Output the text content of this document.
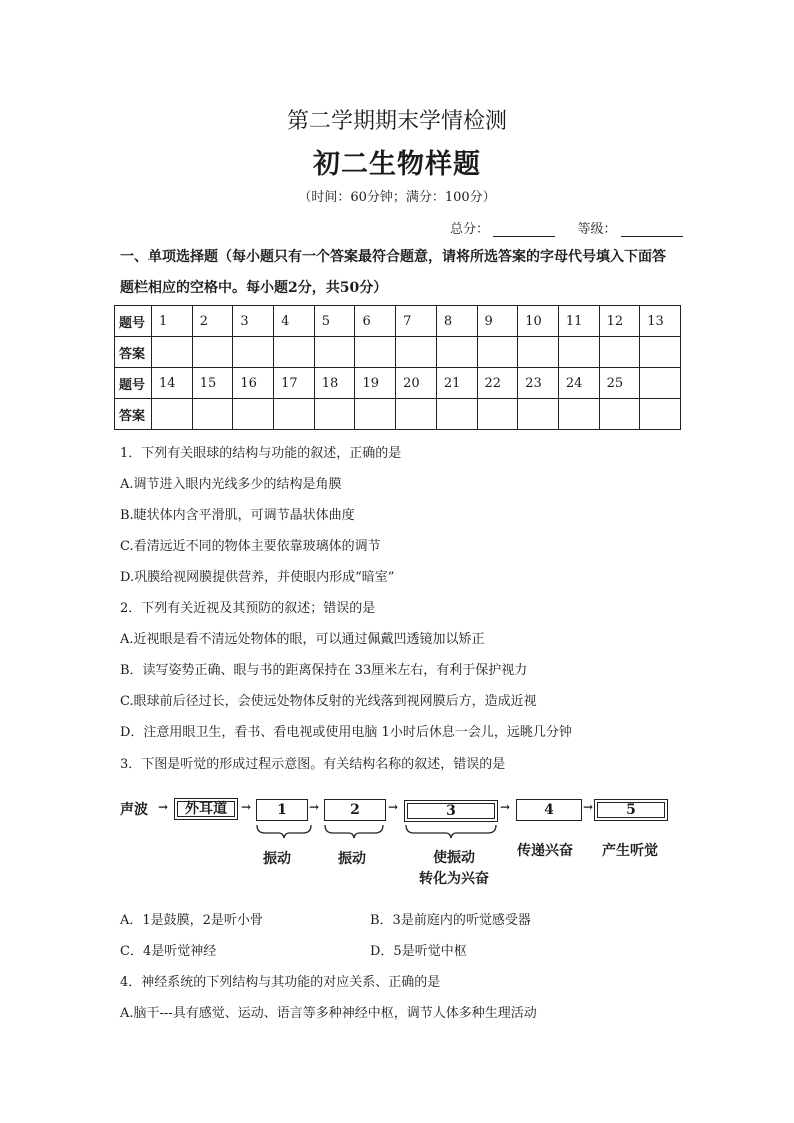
第二学期期末学情检测
初二生物样题
（时间：60分钟；满分：100分）
总分：	等级：
一、单项选择题（每小题只有一个答案最符合题意，请将所选答案的字母代号填入下面答
题栏相应的空格中。每小题2分，共50分）
题号	1	2	3	4	5	6	7	8	9	10	11	12	13
答案													
题号	14	15	16	17	18	19	20	21	22	23	24	25	
答案													
1．下列有关眼球的结构与功能的叙述，正确的是
A.调节进入眼内光线多少的结构是角膜
B.睫状体内含平滑肌，可调节晶状体曲度
C.看清远近不同的物体主要依靠玻璃体的调节
D.巩膜给视网膜提供营养，并使眼内形成“暗室”
2．下列有关近视及其预防的叙述；错误的是
A.近视眼是看不清远处物体的眼，可以通过佩戴凹透镜加以矫正
B．读写姿势正确、眼与书的距离保持在 33厘米左右，有利于保护视力
C.眼球前后径过长，会使远处物体反射的光线落到视网膜后方，造成近视
D．注意用眼卫生，看书、看电视或使用电脑 1小时后休息一会儿，远眺几分钟
3．下图是听觉的形成过程示意图。有关结构名称的叙述，错误的是
声波 →	外耳道	→	1	→	2	→	3	→	4	→	5
振动	振动	使振动
转化为兴奋
传递兴奋 产生听觉
A．1是鼓膜，2是听小骨	B．3是前庭内的听觉感受器
C．4是听觉神经	D．5是听觉中枢
4．神经系统的下列结构与其功能的对应关系、正确的是
A.脑干---具有感觉、运动、语言等多种神经中枢，调节人体多种生理活动
